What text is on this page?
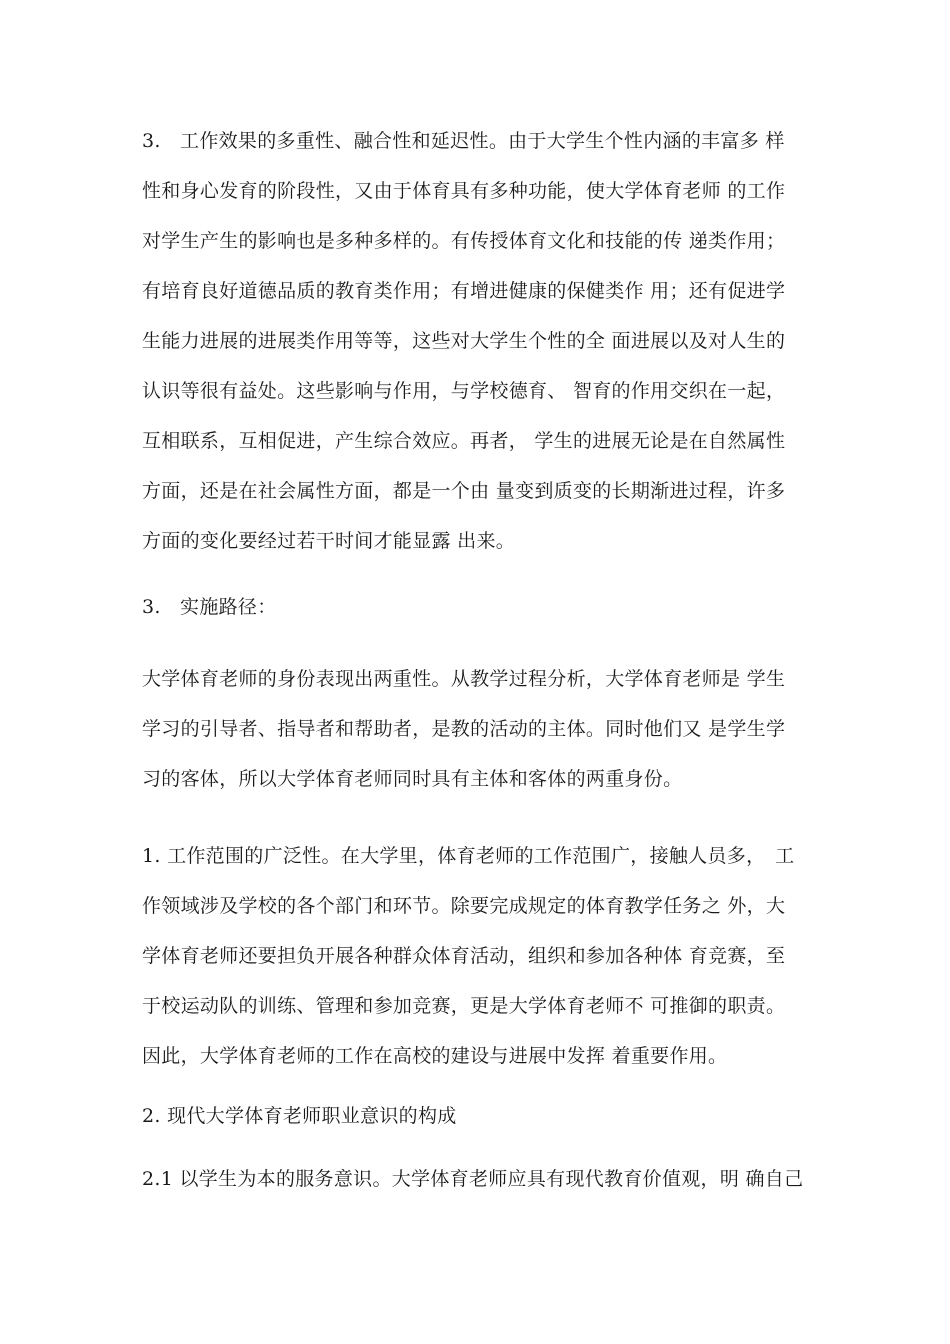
3.　工作效果的多重性、融合性和延迟性。由于大学生个性内涵的丰富多 样
性和身心发育的阶段性，又由于体育具有多种功能，使大学体育老师 的工作
对学生产生的影响也是多种多样的。有传授体育文化和技能的传 递类作用；
有培育良好道德品质的教育类作用；有增进健康的保健类作 用；还有促进学
生能力进展的进展类作用等等，这些对大学生个性的全 面进展以及对人生的
认识等很有益处。这些影响与作用，与学校德育、 智育的作用交织在一起，
互相联系，互相促进，产生综合效应。再者， 学生的进展无论是在自然属性
方面，还是在社会属性方面，都是一个由 量变到质变的长期渐进过程，许多
方面的变化要经过若干时间才能显露 出来。
3.　实施路径：
大学体育老师的身份表现出两重性。从教学过程分析，大学体育老师是 学生
学习的引导者、指导者和帮助者，是教的活动的主体。同时他们又 是学生学
习的客体，所以大学体育老师同时具有主体和客体的两重身份。
1. 工作范围的广泛性。在大学里，体育老师的工作范围广，接触人员多，　工
作领域涉及学校的各个部门和环节。除要完成规定的体育教学任务之 外，大
学体育老师还要担负开展各种群众体育活动，组织和参加各种体 育竞赛，至
于校运动队的训练、管理和参加竞赛，更是大学体育老师不 可推御的职责。
因此，大学体育老师的工作在高校的建设与进展中发挥 着重要作用。
2. 现代大学体育老师职业意识的构成
2.1 以学生为本的服务意识。大学体育老师应具有现代教育价值观，明 确自己
